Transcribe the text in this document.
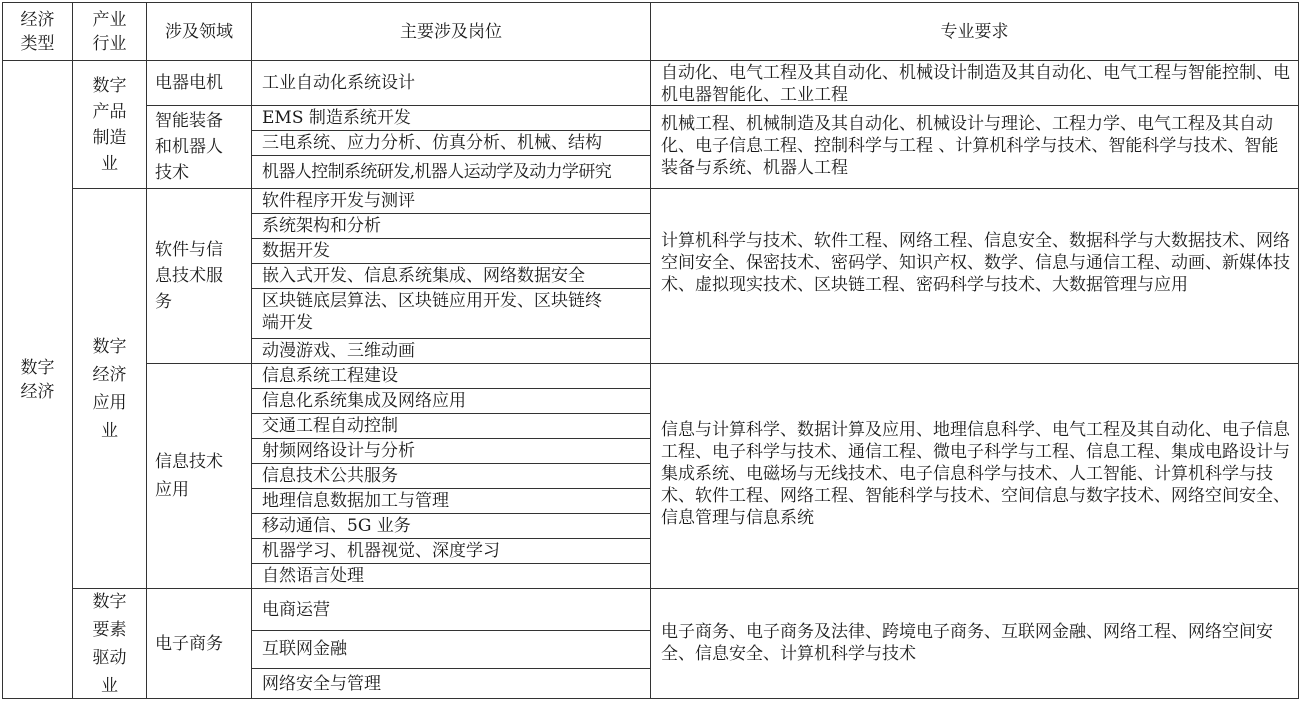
经济
类型
产业
行业
涉及领域	主要涉及岗位	专业要求
数字
经济
数字
产品
制造
业
数字
经济
应用
业
数字
要素
驱动
业
电器电机
智能装备
和机器人
技术
软件与信
息技术服
务
信息技术
应用
电子商务
工业自动化系统设计
EMS 制造系统开发
三电系统、应力分析、仿真分析、机械、结构
机器人控制系统研发,机器人运动学及动力学研究
软件程序开发与测评
系统架构和分析
数据开发
嵌入式开发、信息系统集成、网络数据安全
区块链底层算法、区块链应用开发、区块链终
端开发
动漫游戏、三维动画
信息系统工程建设
信息化系统集成及网络应用
交通工程自动控制
射频网络设计与分析
信息技术公共服务
地理信息数据加工与管理
移动通信、5G 业务
机器学习、机器视觉、深度学习
自然语言处理
电商运营
互联网金融
网络安全与管理
自动化、电气工程及其自动化、机械设计制造及其自动化、电气工程与智能控制、电机电器智能化、工业工程
机械工程、机械制造及其自动化、机械设计与理论、工程力学、电气工程及其自动化、电子信息工程、控制科学与工程 、计算机科学与技术、智能科学与技术、智能装备与系统、机器人工程
计算机科学与技术、软件工程、网络工程、信息安全、数据科学与大数据技术、网络空间安全、保密技术、密码学、知识产权、数学、信息与通信工程、动画、新媒体技术、虚拟现实技术、区块链工程、密码科学与技术、大数据管理与应用
信息与计算科学、数据计算及应用、地理信息科学、电气工程及其自动化、电子信息工程、电子科学与技术、通信工程、微电子科学与工程、信息工程、集成电路设计与集成系统、电磁场与无线技术、电子信息科学与技术、人工智能、计算机科学与技术、软件工程、网络工程、智能科学与技术、空间信息与数字技术、网络空间安全、信息管理与信息系统
电子商务、电子商务及法律、跨境电子商务、互联网金融、网络工程、网络空间安全、信息安全、计算机科学与技术
